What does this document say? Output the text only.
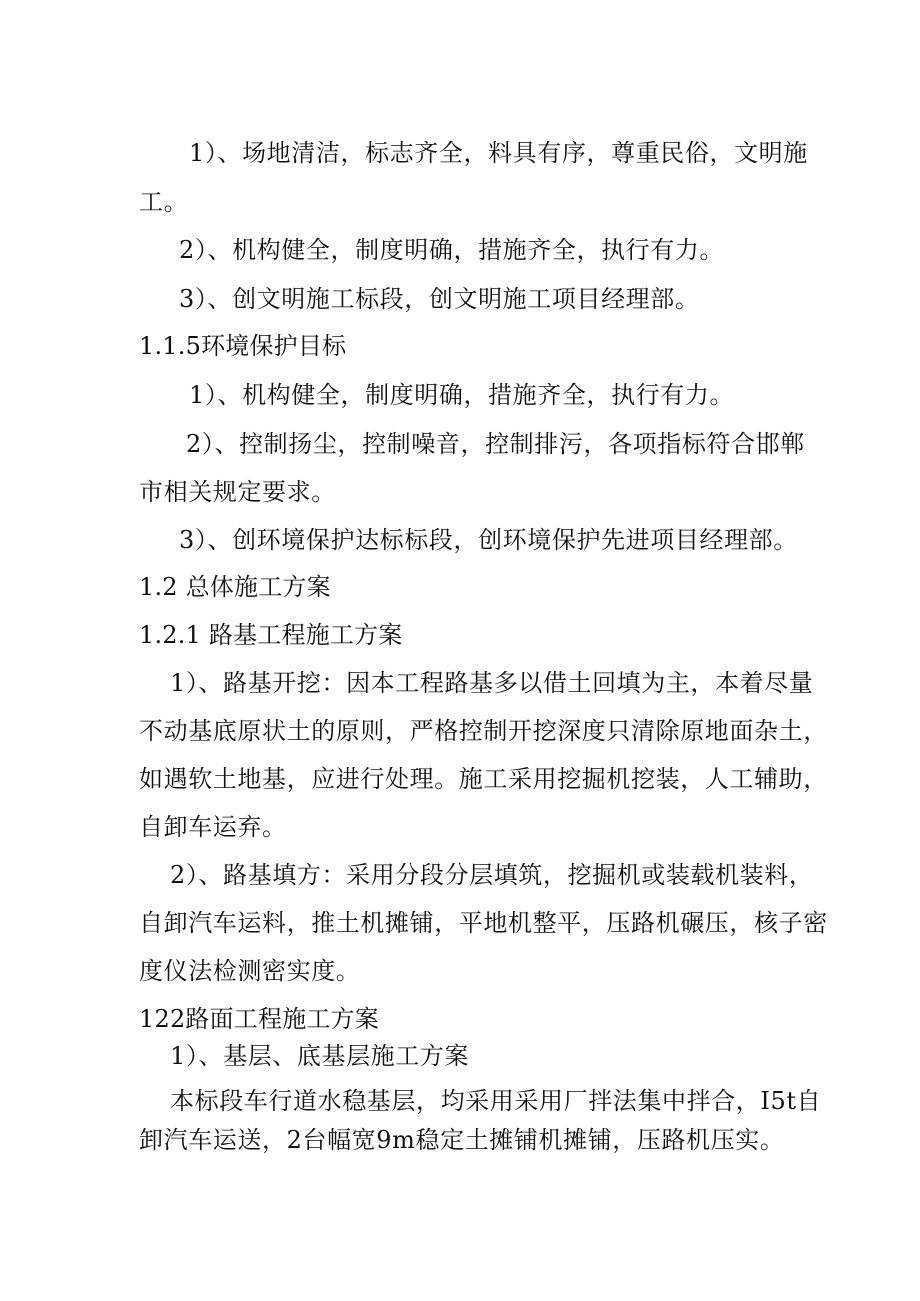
1）、场地清洁，标志齐全，料具有序，尊重民俗，文明施
工。
2）、机构健全，制度明确，措施齐全，执行有力。
3）、创文明施工标段，创文明施工项目经理部。
1.1.5环境保护目标
1）、机构健全，制度明确，措施齐全，执行有力。
2）、控制扬尘，控制噪音，控制排污，各项指标符合邯郸
市相关规定要求。
3）、创环境保护达标标段，创环境保护先进项目经理部。
1.2 总体施工方案
1.2.1 路基工程施工方案
1）、路基开挖：因本工程路基多以借土回填为主，本着尽量
不动基底原状土的原则，严格控制开挖深度只清除原地面杂土，
如遇软土地基，应进行处理。施工采用挖掘机挖装，人工辅助，
自卸车运弃。
2）、路基填方：采用分段分层填筑，挖掘机或装载机装料，
自卸汽车运料，推土机摊铺，平地机整平，压路机碾压，核子密
度仪法检测密实度。
122路面工程施工方案
1）、基层、底基层施工方案
本标段车行道水稳基层，均采用采用厂拌法集中拌合，I5t自
卸汽车运送，2台幅宽9m稳定土摊铺机摊铺，压路机压实。
